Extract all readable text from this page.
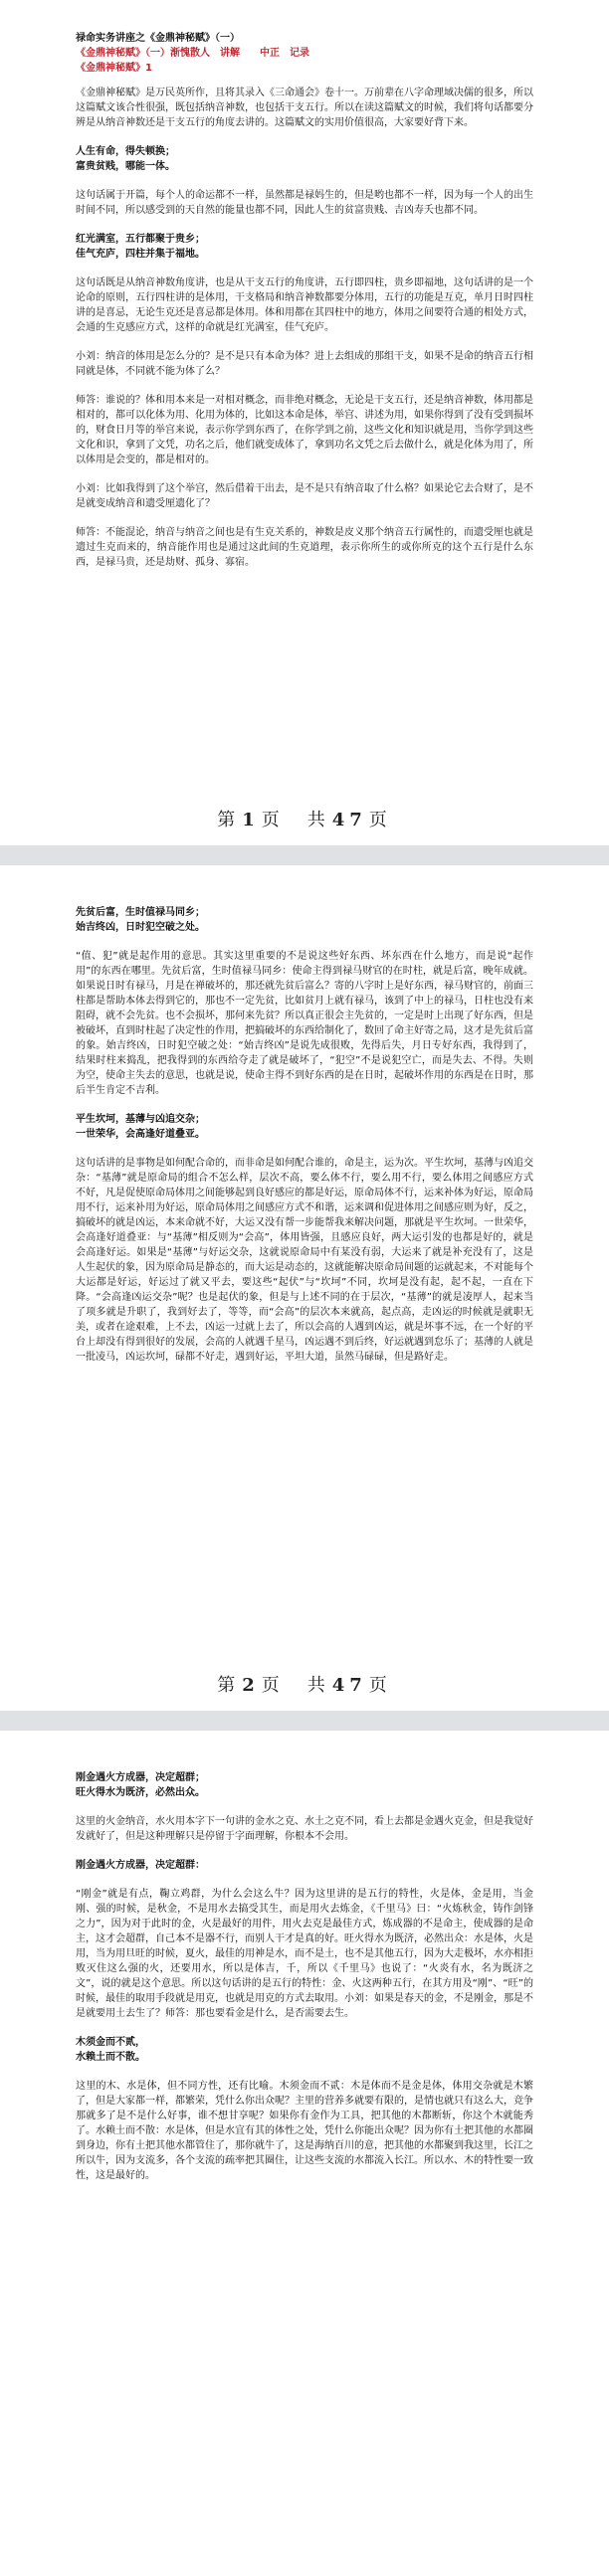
禄命实务讲座之《金鼎神秘赋》（一）
《金鼎神秘赋》（一）渐愧散人　讲解　　中正　记录
《金鼎神秘赋》1

《金鼎神秘赋》是万民英所作，且将其录入《三命通会》卷十一。万前辈在八字命理域决儒的很多，所以这篇赋文该合性很强，既包括纳音神数，也包括干支五行。所以在读这篇赋文的时候，我们将句话都要分辨是从纳音神数还是干支五行的角度去讲的。这篇赋文的实用价值很高，大家要好背下来。

人生有命，得失顿换；
富贵贫贱，哪能一体。

这句话属于开篇，每个人的命运都不一样，虽然都是禄妈生的，但是哟也都不一样，因为每一个人的出生时间不同，所以感受到的天自然的能量也都不同，因此人生的贫富贵贱、吉凶寿夭也都不同。

红光满室，五行都聚于贵乡；
佳气充庐，四柱并集于福地。

这句话既是从纳音神数角度讲，也是从干支五行的角度讲，五行即四柱，贵乡即福地，这句话讲的是一个论命的原则，五行四柱讲的是体用，干支格局和纳音神数都要分体用，五行的功能是互克，单月日时四柱讲的是喜忌，无论生克还是喜忌都是体用。体和用都在其四柱中的地方，体用之间要符合通的相处方式，会通的生克感应方式，这样的命就是红光满室，佳气充庐。

小刘：纳音的体用是怎么分的？是不是只有本命为体？进上去组成的那组干支，如果不是命的纳音五行相同就是体，不同就不能为体了么？

师答：谁说的？体和用本来是一对相对概念，而非绝对概念，无论是干支五行，还是纳音神数，体用都是相对的，都可以化体为用、化用为体的，比如这本命是体，举宫、讲述为用，如果你得到了没有受到损坏的，财食日月等的举宫来说，表示你学到东西了，在你学到之前，这些文化和知识就是用，当你学到这些文化和识，拿到了文凭，功名之后，他们就变成体了，拿到功名文凭之后去做什么，就是化体为用了，所以体用是会变的，都是相对的。

小刘：比如我得到了这个举宫，然后借着干出去，是不是只有纳音取了什么格？如果论它去合财了，是不是就变成纳音和遗受厘遗化了？

师答：不能混论，纳音与纳音之间也是有生克关系的，神数是皮义那个纳音五行属性的，而遗受厘也就是遗过生克而来的，纳音能作用也是通过这此间的生克道理，表示你所生的或你所克的这个五行是什么东西，是禄马贵，还是劫财、孤身、寡宿。

第 1 页　共 47 页
先贫后富，生时值禄马同乡；
始吉终凶，日时犯空破之处。

“值、犯”就是起作用的意思。其实这里重要的不是说这些好东西、坏东西在什么地方，而是说“起作用”的东西在哪里。先贫后富，生时值禄马同乡：使命主得到禄马财官的在时柱，就是后富，晚年成就。如果说日时有禄马，月是在禅破坏的，那还就先贫后富么？寄的八字时上是好东西，禄马财官的，前面三柱都是帮助本体去得到它的，那也不一定先贫，比如贫月上就有禄马，该到了中上的禄马，日柱也没有来阻碍，就不会先贫。也不会损坏，那何来先贫？所以真正很会主先贫的，一定是时上出现了好东西，但是被破坏，直到时柱起了决定性的作用，把搞破坏的东西给制化了，数回了命主好寄之局，这才是先贫后富的象。始吉终凶，日时犯空破之处：“始吉终凶”是说先成很败，先得后失，月日专好东西，我得到了，结果时柱来捣乱，把我得到的东西给夺走了就是破坏了，“犯空”不是说犯空亡，而是失去、不得。失则为空，使命主失去的意思，也就是说，使命主得不到好东西的是在日时，起破坏作用的东西是在日时，那后半生肯定不吉利。

平生坎坷，基薄与凶追交杂；
一世荣华，会高逢好道叠亚。

这句话讲的是事物是如何配合命的，而非命是如何配合谁的，命是主，运为次。平生坎坷，基薄与凶追交杂：“基薄”就是原命局的组合不怎么样，层次不高，要么体不行，要么用不行，要么体用之间感应方式不好，凡是促使原命局体用之间能够起到良好感应的都是好运，原命局体不行，运来补体为好运，原命局用不行，运来补用为好运，原命局体用之间感应方式不和谐，运来调和促进体用之间感应则为好，反之，搞破坏的就是凶运，本来命就不好，大运又没有帮一步能帮我来解决问题，那就是平生坎坷。一世荣华，会高逢好道叠亚：与“基薄”相反则为“会高”，体用皆强，且感应良好，两大运引发的也都是好的，就是会高逢好运。如果是“基薄”与好运交杂，这就说原命局中有某没有弱，大运来了就是补充没有了，这是人生起伏的象，因为原命局是静态的，而大运是动态的，这就能解决原命局间题的运就起来，不对能每个大运都是好运，好运过了就又平去，要这些“起伏”与“坎坷”不同，坎坷是没有起，起不起，一直在下降。“会高逢凶运交杂”呢？也是起伏的象，但是与上述不同的在于层次，“基薄”的就是凌厚人，起来当了项多就是升职了，我到好去了，等等，而“会高”的层次本来就高，起点高，走凶运的时候就是就职无美，或者在途艰难，上不去，凶运一过就上去了，所以会高的人遇到凶运，就是坏事不远，在一个好的平台上却没有得到很好的发展，会高的人就遇千星马，凶运遇不到后终，好运就遇到怠乐了；基薄的人就是一批凌马，凶运坎坷，碌都不好走，遇到好运，平坦大道，虽然马碌碌，但是路好走。

第 2 页　共 47 页
刚金遇火方成器，决定超群；
旺火得水为既济，必然出众。

这里的火金纳音，水火用本字下一句讲的金水之克、水土之克不同，看上去都是金遇火克金，但是我觉好发就好了，但是这种理解只是停留于字面理解，你根本不会用。

刚金遇火方成器，决定超群：

“刚金”就是有点，鞠立鸡群，为什么会这么牛？因为这里讲的是五行的特性，火是体，金是用，当金刚、强的时候，是秋金，不是用水去搞受其生，而是用火去炼金，《千里马》曰：“火炼秋金，铸作剑锋之力”，因为对于此时的金，火是最好的用件，用火去克是最佳方式，炼成器的不是命主，使成器的是命主，这才会超群，自己本不是器不行，而别人干才是真的好。旺火得水为既济，必然出众：水是体，火是用，当为用旦旺的时候，夏火，最佳的用神是水，而不是土，也不是其他五行，因为大走极坏，水亦相拒败灭住这么强的火，还要用水，所以是体吉，千，所以《千里马》也说了：“火炎有水，名为既济之文”，说的就是这个意思。所以这句话讲的是五行的特性：金、火这两种五行，在其方用及“刚”、“旺”的时候，最佳的取用手段就是用克，也就是用克的方式去取用。小刘：如果是春天的金，不是刚金，那是不是就要用土去生了？师答：那也要看金是什么，是否需要去生。

木须金而不贰，
水赖土而不散。

这里的木、水是体，但不同方性，还有比喻。木须金而不贰：木是体而不是金是体，体用交杂就是木繁了，但是大家都一样，都繁荣，凭什么你出众呢？主里的营养多就要有限的，是情也就只有这么大，竞争那就多了是不是什么好事，谁不想甘享呢？如果你有金作为工具，把其他的木都断斩，你这个木就能秀了。水赖土而不散：水是体，但是水宜有其的体性之处，凭什么你能出众呢？因为你有土把其他的水都圈到身边，你有土把其他水都管住了，那你就牛了，这是海纳百川的意，把其他的水都聚到我这里，长江之所以牛，因为支流多，各个支流的疏率把其圈住，让这些支流的水都流入长江。所以水、木的特性要一致性，这是最好的。
